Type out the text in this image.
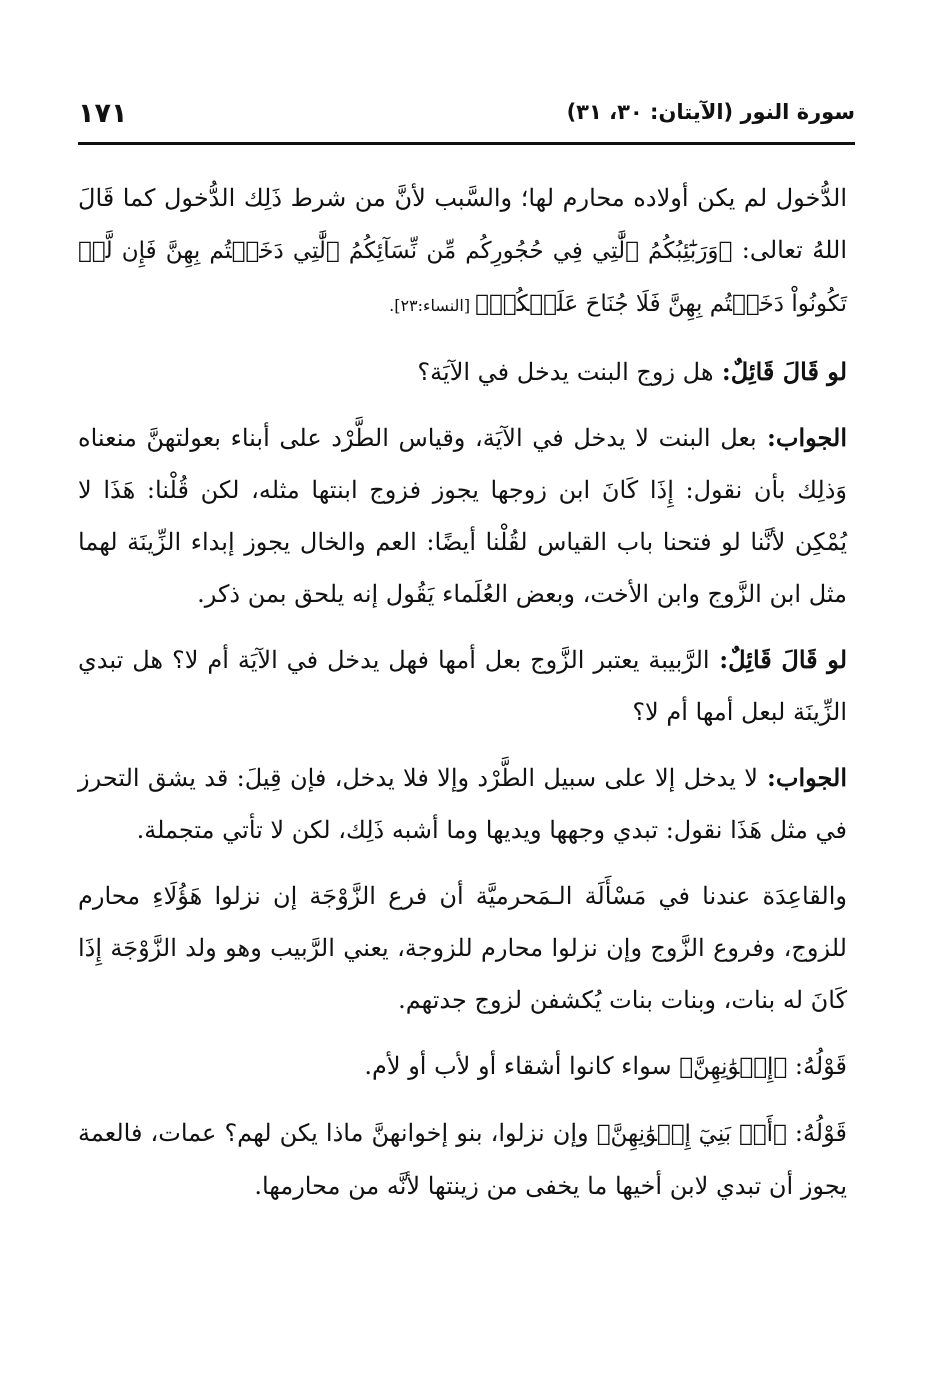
١٧١	سورة النور (الآيتان: ٣٠، ٣١)

الدُّخول لم يكن أولاده محارم لها؛ والسَّبب لأنَّ من شرط ذَلِك الدُّخول كما قَالَ اللهُ تعالى: ﴿وَرَبَٰٓئِبُكُمُ ٱلَّٰتِي فِي حُجُورِكُم مِّن نِّسَآئِكُمُ ٱلَّٰتِي دَخَلۡتُم بِهِنَّ فَإِن لَّمۡ تَكُونُواْ دَخَلۡتُم بِهِنَّ فَلَا جُنَاحَ عَلَيۡكُمۡ﴾ [النساء:٢٣].

لو قَالَ قَائِلٌ: هل زوج البنت يدخل في الآيَة؟

الجواب: بعل البنت لا يدخل في الآيَة، وقياس الطَّرْد على أبناء بعولتهنَّ منعناه وَذلِك بأن نقول: إِذَا كَانَ ابن زوجها يجوز فزوج ابنتها مثله، لكن قُلْنا: هَذَا لا يُمْكِن لأنَّنا لو فتحنا باب القياس لقُلْنا أيضًا: العم والخال يجوز إبداء الزِّينَة لهما مثل ابن الزَّوج وابن الأخت، وبعض العُلَماء يَقُول إنه يلحق بمن ذكر.

لو قَالَ قَائِلٌ: الرَّبيبة يعتبر الزَّوج بعل أمها فهل يدخل في الآيَة أم لا؟ هل تبدي الزِّينَة لبعل أمها أم لا؟

الجواب: لا يدخل إلا على سبيل الطَّرْد وإلا فلا يدخل، فإن قِيلَ: قد يشق التحرز في مثل هَذَا نقول: تبدي وجهها ويديها وما أشبه ذَلِك، لكن لا تأتي متجملة.

والقاعِدَة عندنا في مَسْأَلَة الـمَحرميَّة أن فرع الزَّوْجَة إن نزلوا هَؤُلَاءِ محارم للزوج، وفروع الزَّوج وإن نزلوا محارم للزوجة، يعني الرَّبيب وهو ولد الزَّوْجَة إِذَا كَانَ له بنات، وبنات بنات يُكشفن لزوج جدتهم.

قَوْلُهُ: ﴿إِخۡوَٰنِهِنَّ﴾ سواء كانوا أشقاء أو لأب أو لأم.

قَوْلُهُ: ﴿أَوۡ بَنِيٓ إِخۡوَٰنِهِنَّ﴾ وإن نزلوا، بنو إخوانهنَّ ماذا يكن لهم؟ عمات، فالعمة يجوز أن تبدي لابن أخيها ما يخفى من زينتها لأنَّه من محارمها.
